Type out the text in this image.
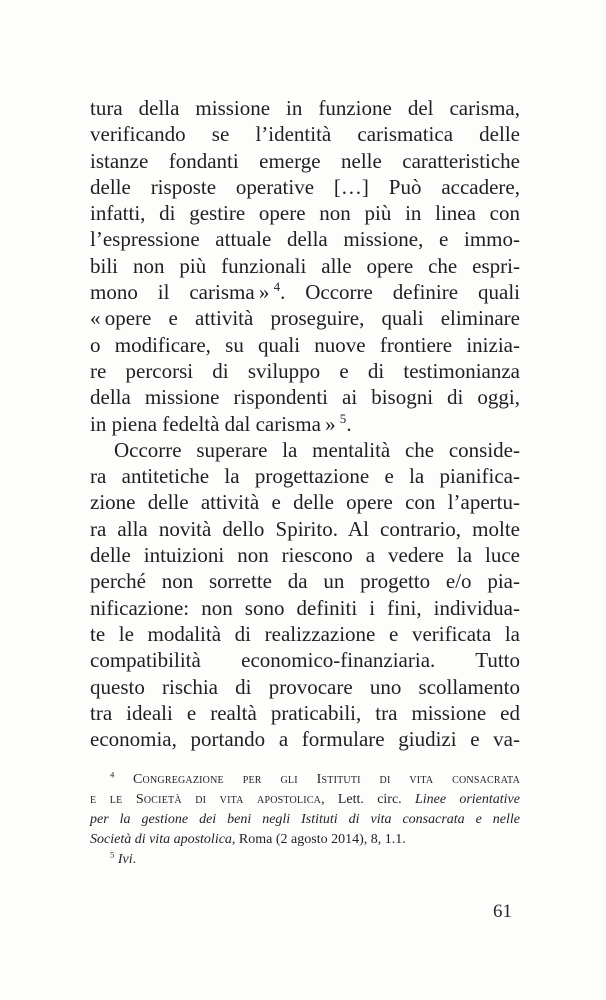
tura della missione in funzione del carisma,
verificando se l’identità carismatica delle
istanze fondanti emerge nelle caratteristiche
delle risposte operative […] Può accadere,
infatti, di gestire opere non più in linea con
l’espressione attuale della missione, e immo-
bili non più funzionali alle opere che espri-
mono il carisma » $^4$. Occorre definire quali
« opere e attività proseguire, quali eliminare
o modificare, su quali nuove frontiere inizia-
re percorsi di sviluppo e di testimonianza
della missione rispondenti ai bisogni di oggi,
in piena fedeltà dal carisma » $^5$.
Occorre superare la mentalità che conside-
ra antitetiche la progettazione e la pianifica-
zione delle attività e delle opere con l’apertu-
ra alla novità dello Spirito. Al contrario, molte
delle intuizioni non riescono a vedere la luce
perché non sorrette da un progetto e/o pia-
nificazione: non sono definiti i fini, individua-
te le modalità di realizzazione e verificata la
compatibilità economico-finanziaria. Tutto
questo rischia di provocare uno scollamento
tra ideali e realtà praticabili, tra missione ed
economia, portando a formulare giudizi e va-
$^4$ Congregazione per gli Istituti di vita consacrata
e le Società di vita apostolica, Lett. circ. Linee orientative
per la gestione dei beni negli Istituti di vita consacrata e nelle
Società di vita apostolica, Roma (2 agosto 2014), 8, 1.1.
$^5$ Ivi.
61
